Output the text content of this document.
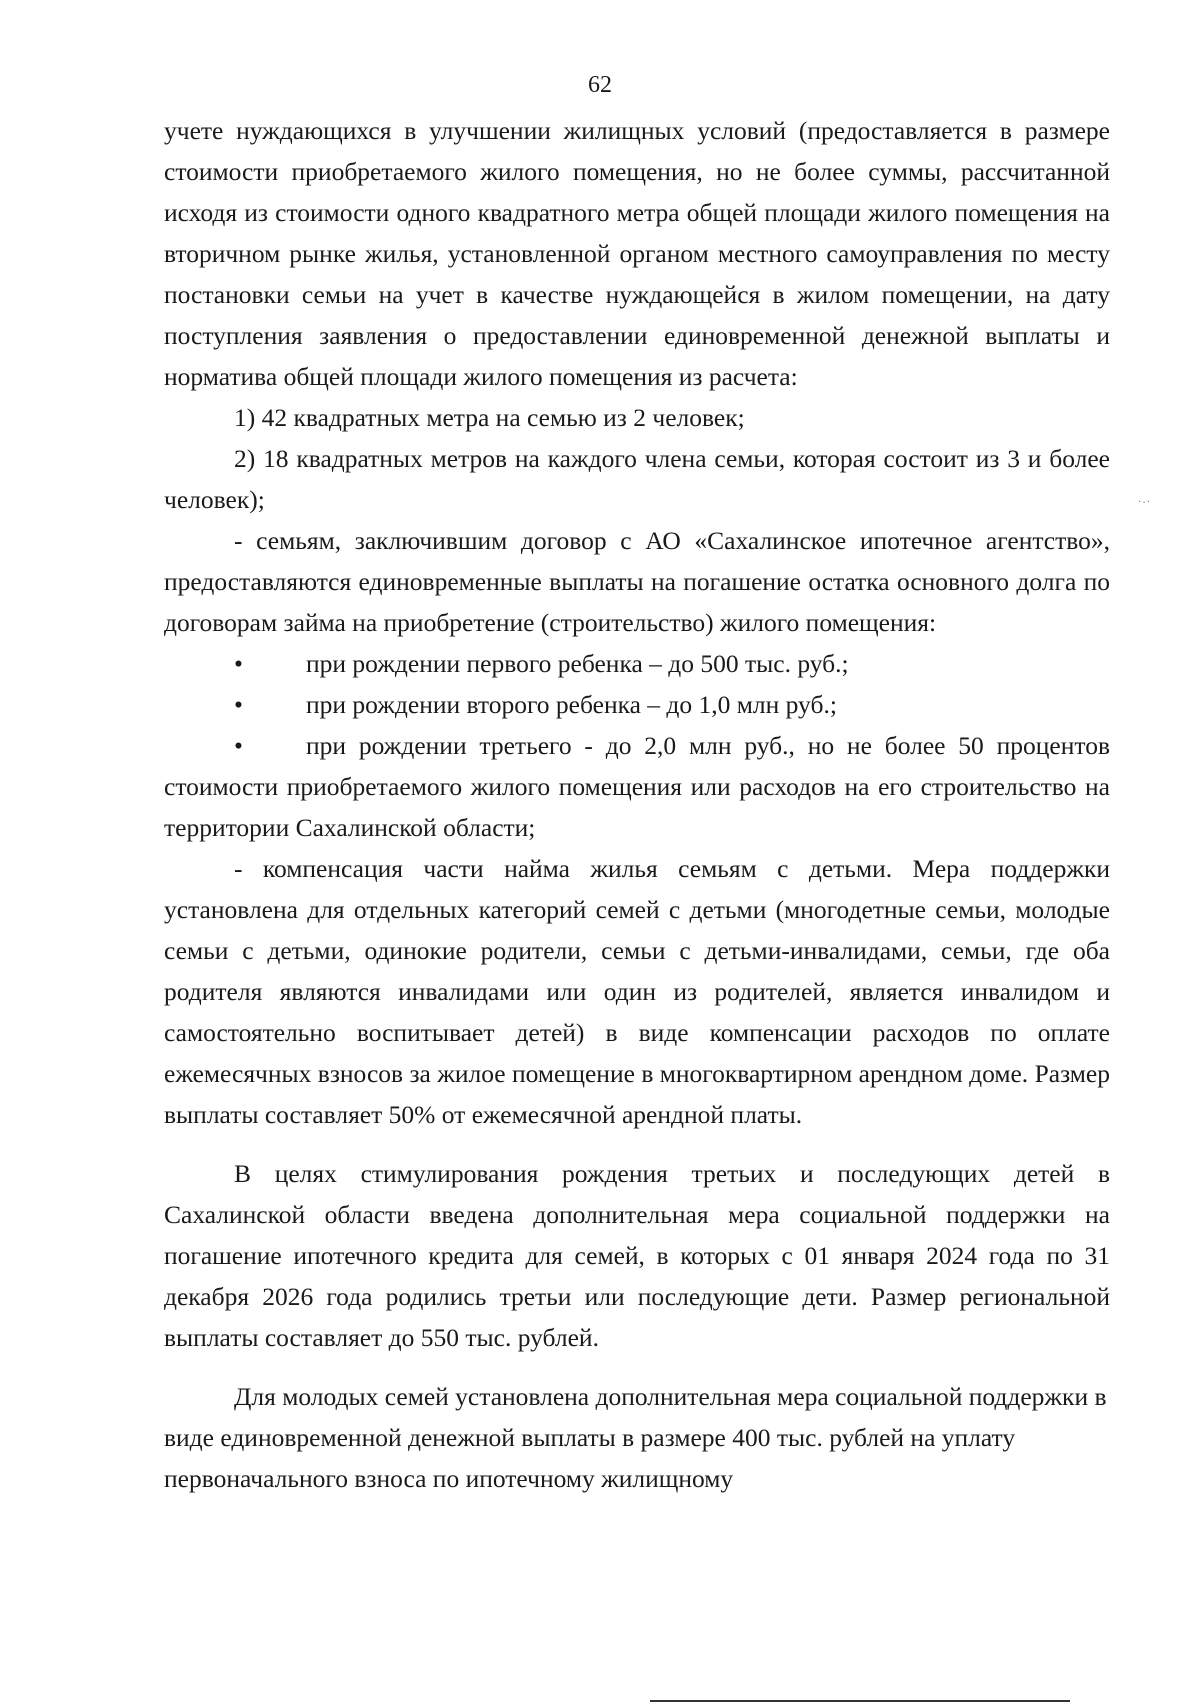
62

учете нуждающихся в улучшении жилищных условий (предоставляется в размере стоимости приобретаемого жилого помещения, но не более суммы, рассчитанной исходя из стоимости одного квадратного метра общей площади жилого помещения на вторичном рынке жилья, установленной органом местного самоуправления по месту постановки семьи на учет в качестве нуждающейся в жилом помещении, на дату поступления заявления о предоставлении единовременной денежной выплаты и норматива общей площади жилого помещения из расчета:

1) 42 квадратных метра на семью из 2 человек;

2) 18 квадратных метров на каждого члена семьи, которая состоит из 3 и более человек);

- семьям, заключившим договор с АО «Сахалинское ипотечное агентство», предоставляются единовременные выплаты на погашение остатка основного долга по договорам займа на приобретение (строительство) жилого помещения:

•	при рождении первого ребенка – до 500 тыс. руб.;
•	при рождении второго ребенка – до 1,0 млн руб.;

• при рождении третьего - до 2,0 млн руб., но не более 50 процентов стоимости приобретаемого жилого помещения или расходов на его строительство на территории Сахалинской области;

- компенсация части найма жилья семьям с детьми. Мера поддержки установлена для отдельных категорий семей с детьми (многодетные семьи, молодые семьи с детьми, одинокие родители, семьи с детьми-инвалидами, семьи, где оба родителя являются инвалидами или один из родителей, является инвалидом и самостоятельно воспитывает детей) в виде компенсации расходов по оплате ежемесячных взносов за жилое помещение в многоквартирном арендном доме. Размер выплаты составляет 50% от ежемесячной арендной платы.

В целях стимулирования рождения третьих и последующих детей в Сахалинской области введена дополнительная мера социальной поддержки на погашение ипотечного кредита для семей, в которых с 01 января 2024 года по 31 декабря 2026 года родились третьи или последующие дети. Размер региональной выплаты составляет до 550 тыс. рублей.

Для молодых семей установлена дополнительная мера социальной поддержки в виде единовременной денежной выплаты в размере 400 тыс. рублей на уплату первоначального взноса по ипотечному жилищному

·٠·
